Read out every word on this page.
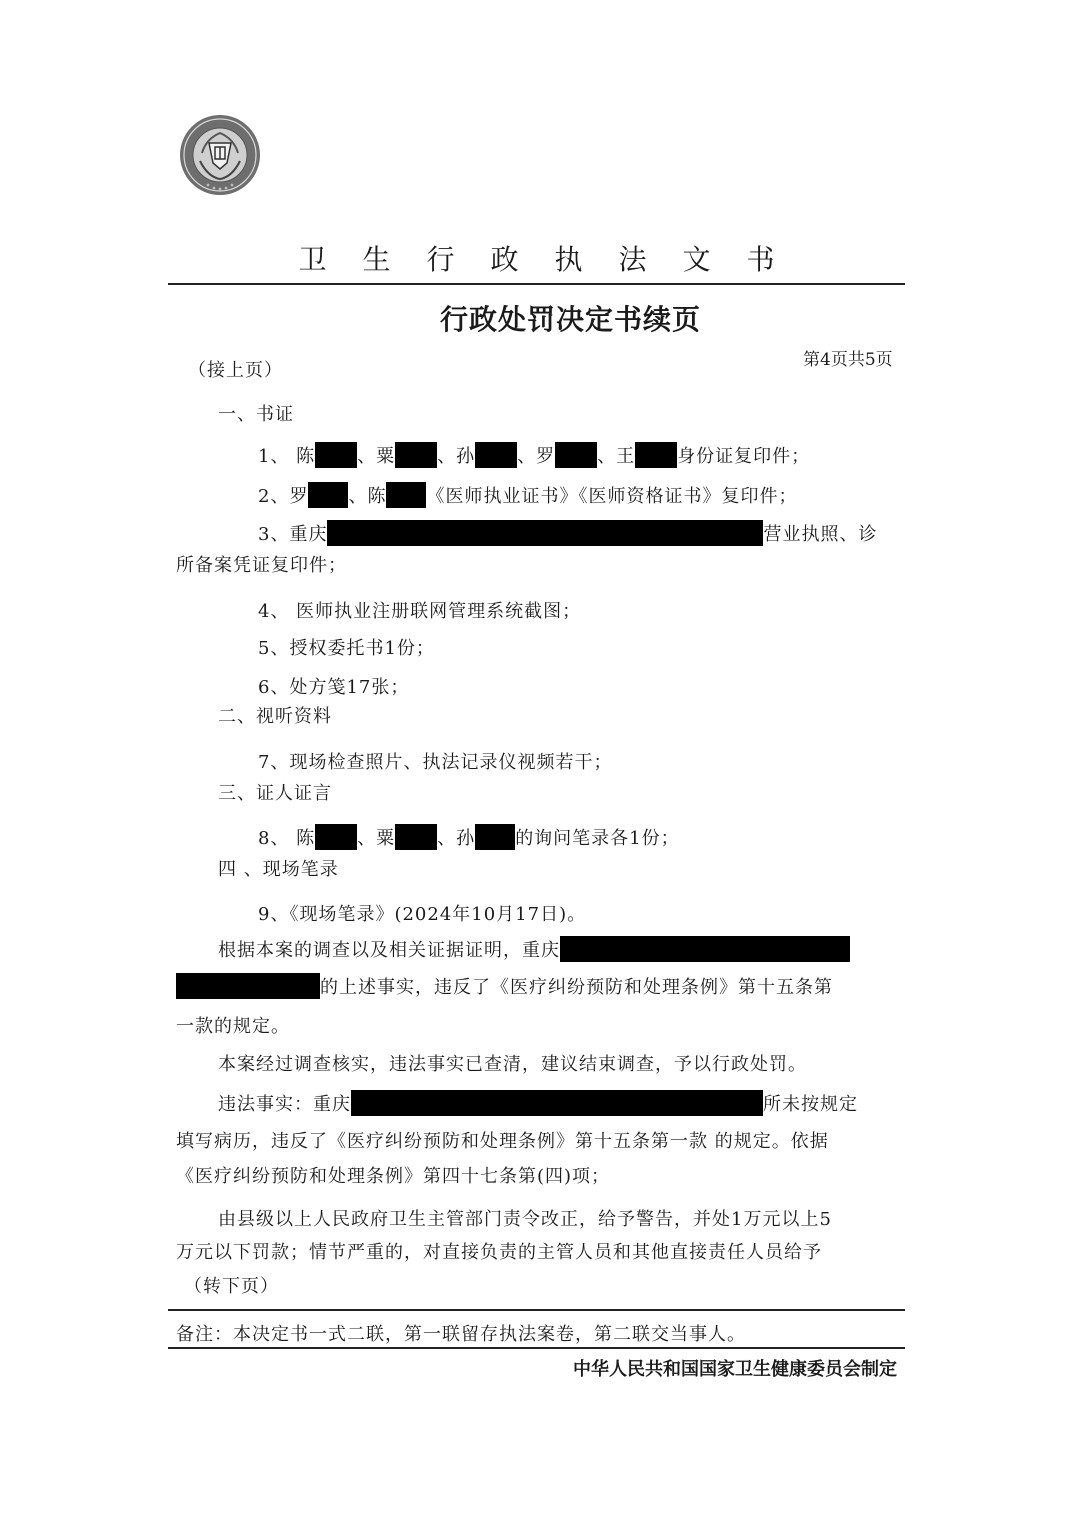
卫生行政执法文书
行政处罚决定书续页
第4页共5页
（接上页）
一、书证
1、 陈 、粟 、孙 、罗 、王 身份证复印件；
2、罗 、陈 《医师执业证书》《医师资格证书》复印件；
3、重庆	营业执照、诊
所备案凭证复印件；
4、 医师执业注册联网管理系统截图；
5、授权委托书1份；
6、处方笺17张；
二、视听资料
7、现场检查照片、执法记录仪视频若干；
三、证人证言
8、 陈 、粟 、孙 的询问笔录各1份；
四 、现场笔录
9、《现场笔录》(2024年10月17日)。
根据本案的调查以及相关证据证明，重庆
的上述事实，违反了《医疗纠纷预防和处理条例》第十五条第
一款的规定。
本案经过调查核实，违法事实已查清，建议结束调查，予以行政处罚。
违法事实：重庆	所未按规定
填写病历，违反了《医疗纠纷预防和处理条例》第十五条第一款 的规定。依据
《医疗纠纷预防和处理条例》第四十七条第(四)项；
由县级以上人民政府卫生主管部门责令改正，给予警告，并处1万元以上5
万元以下罚款；情节严重的，对直接负责的主管人员和其他直接责任人员给予
（转下页）
备注：本决定书一式二联，第一联留存执法案卷，第二联交当事人。
中华人民共和国国家卫生健康委员会制定
